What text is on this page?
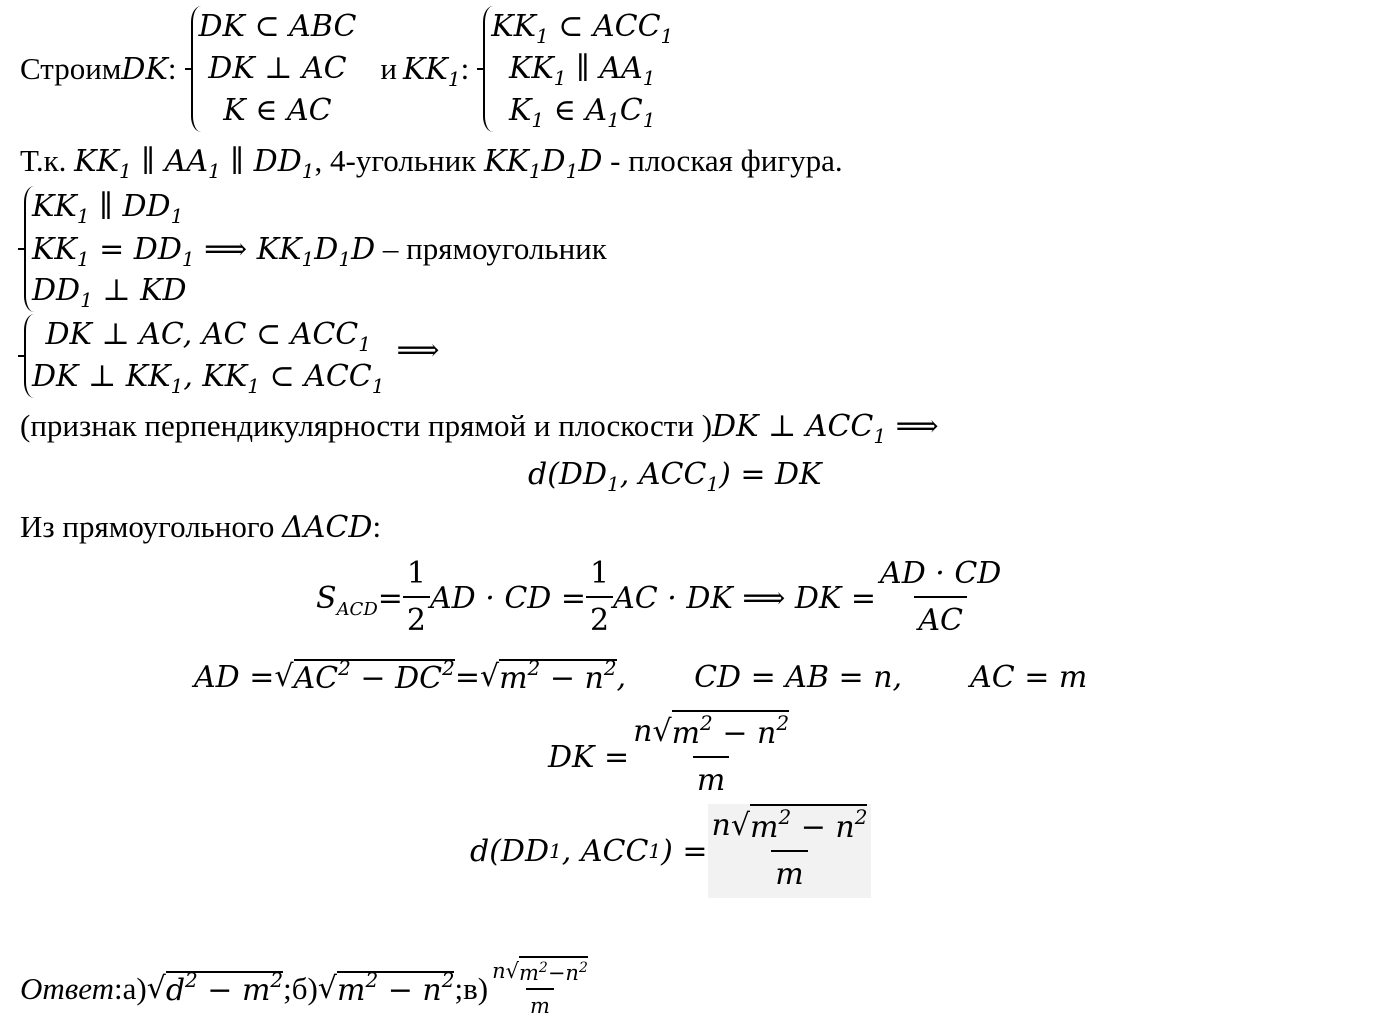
Строим DK :
DK ⊂ ABC
DK ⊥ AC
K ∈ AC
и $KK_1$ :
$KK_1$ ⊂ $ACC_1$
$KK_1$ ∥ $AA_1$
$K_1$ ∈ $A_1C_1$
Т.к. $KK_1$ ∥ $AA_1$ ∥ $DD_1$, 4-угольник $KK_1D_1D$ - плоская фигура.
$KK_1$ ∥ $DD_1$
$KK_1 = DD_1$ ⟹ $KK_1D_1D$ – прямоугольник
$DD_1$ ⊥ KD
DK ⊥ AC, AC ⊂ $ACC_1$
DK ⊥ $KK_1$, $KK_1$ ⊂ $ACC_1$
⟹
(признак перпендикулярности прямой и плоскости )DK ⊥ $ACC_1$ ⟹
$d(DD_1$, $ACC_1$) = DK
Из прямоугольного ΔACD:
$S_{ACD} = \frac{1}{2}$ AD · CD = $\frac{1}{2}$ AC · DK ⟹ DK = $\frac{AD \cdot CD}{AC}$
AD = √ $AC^2 - DC^2$ = √ $m^2 - n^2$ , CD = AB = n, AC = m
DK = $\frac{n √ m^2 - n^2}{m}$
d(DD 1 , ACC 1 ) = $\frac{n √ m^2 - n^2}{m}$
Ответ : а) √ $d^2 - m^2$ ; б) √ $m^2 - n^2$ ; $в) \frac{n √ m^2-n^2}{m}$
